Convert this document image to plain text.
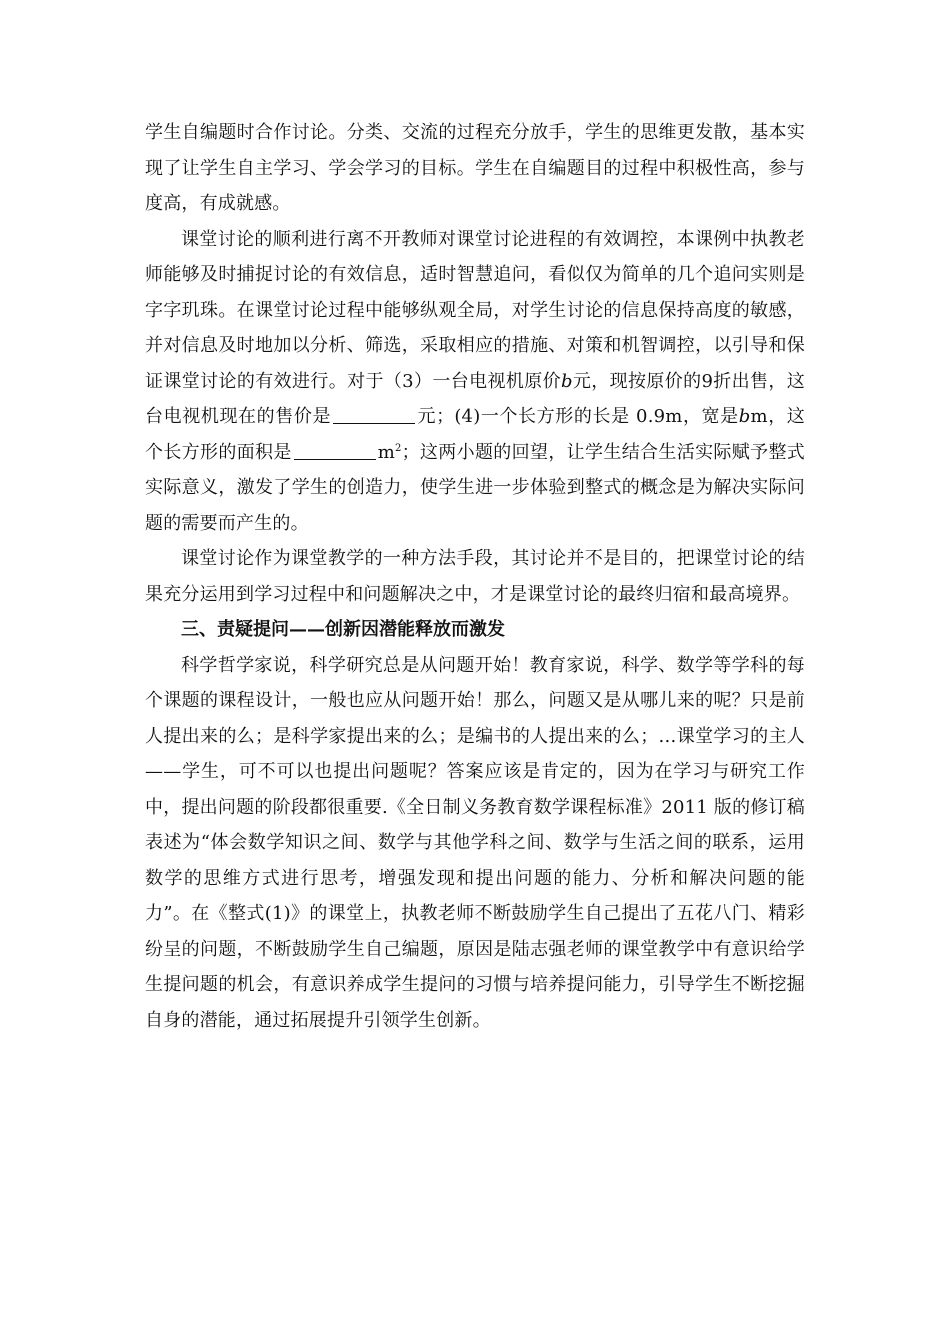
学生自编题时合作讨论。分类、交流的过程充分放手，学生的思维更发散，基本实现了让学生自主学习、学会学习的目标。学生在自编题目的过程中积极性高，参与度高，有成就感。

课堂讨论的顺利进行离不开教师对课堂讨论进程的有效调控，本课例中执教老师能够及时捕捉讨论的有效信息，适时智慧追问，看似仅为简单的几个追问实则是字字玑珠。在课堂讨论过程中能够纵观全局，对学生讨论的信息保持高度的敏感，并对信息及时地加以分析、筛选，采取相应的措施、对策和机智调控，以引导和保证课堂讨论的有效进行。对于（3）一台电视机原价b元，现按原价的9折出售，这台电视机现在的售价是	元；(4)一个长方形的长是 0.9m，宽是bm，这个长方形的面积是	$m^2$；这两小题的回望，让学生结合生活实际赋予整式实际意义，激发了学生的创造力，使学生进一步体验到整式的概念是为解决实际问题的需要而产生的。

课堂讨论作为课堂教学的一种方法手段，其讨论并不是目的，把课堂讨论的结果充分运用到学习过程中和问题解决之中，才是课堂讨论的最终归宿和最高境界。

三、责疑提问——创新因潜能释放而激发

科学哲学家说，科学研究总是从问题开始！教育家说，科学、数学等学科的每个课题的课程设计，一般也应从问题开始！那么，问题又是从哪儿来的呢？只是前人提出来的么；是科学家提出来的么；是编书的人提出来的么；…课堂学习的主人——学生，可不可以也提出问题呢？答案应该是肯定的，因为在学习与研究工作中，提出问题的阶段都很重要.《全日制义务教育数学课程标准》2011 版的修订稿表述为“体会数学知识之间、数学与其他学科之间、数学与生活之间的联系，运用数学的思维方式进行思考，增强发现和提出问题的能力、分析和解决问题的能力”。在《整式(1)》的课堂上，执教老师不断鼓励学生自己提出了五花八门、精彩纷呈的问题，不断鼓励学生自己编题，原因是陆志强老师的课堂教学中有意识给学生提问题的机会，有意识养成学生提问的习惯与培养提问能力，引导学生不断挖掘自身的潜能，通过拓展提升引领学生创新。
